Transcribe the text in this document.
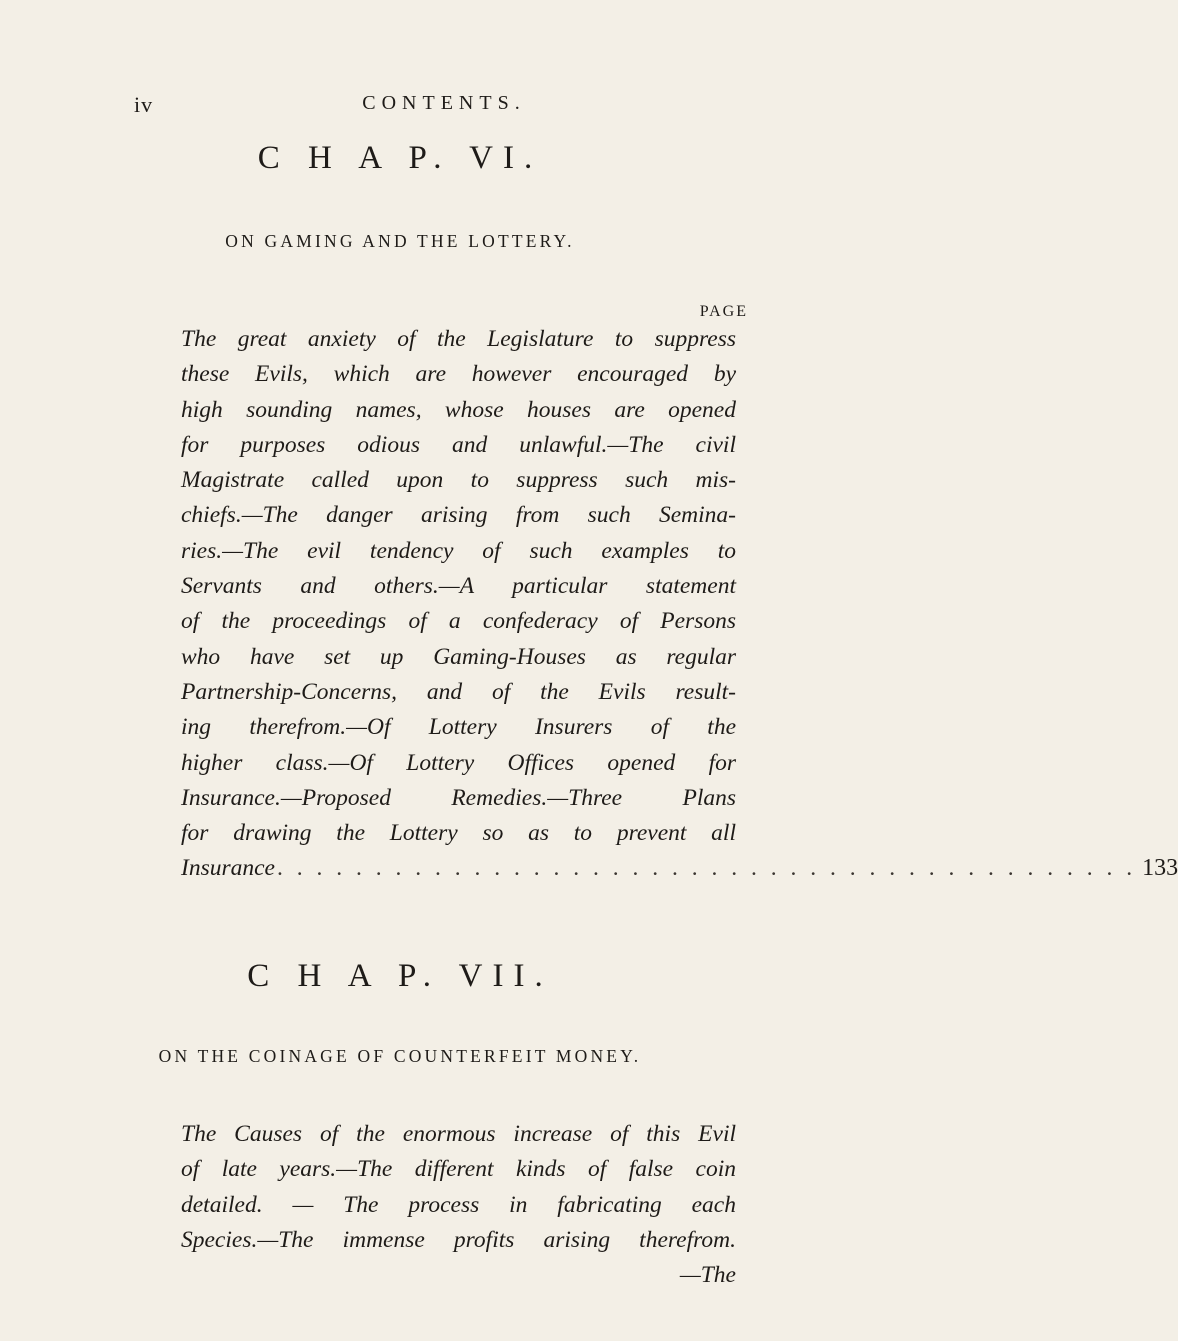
iv	CONTENTS.
C H A P. VI.
ON GAMING AND THE LOTTERY.
PAGE
The great anxiety of the Legislature to suppress
these Evils, which are however encouraged by
high sounding names, whose houses are opened
for purposes odious and unlawful.—The civil
Magistrate called upon to suppress such mis-
chiefs.—The danger arising from such Semina-
ries.—The evil tendency of such examples to
Servants and others.—A particular statement
of the proceedings of a confederacy of Persons
who have set up Gaming-Houses as regular
Partnership-Concerns, and of the Evils result-
ing therefrom.—Of Lottery Insurers of the
higher class.—Of Lottery Offices opened for
Insurance.—Proposed Remedies.—Three Plans
for drawing the Lottery so as to prevent all
Insurance . . . . . . . . . . . . . . . . . . . . . . . . . . . . . . . . . . . . . . . . . . . . 133
C H A P. VII.
ON THE COINAGE OF COUNTERFEIT MONEY.
The Causes of the enormous increase of this Evil
of late years.—The different kinds of false coin
detailed. — The process in fabricating each
Species.—The immense profits arising therefrom.
—The
